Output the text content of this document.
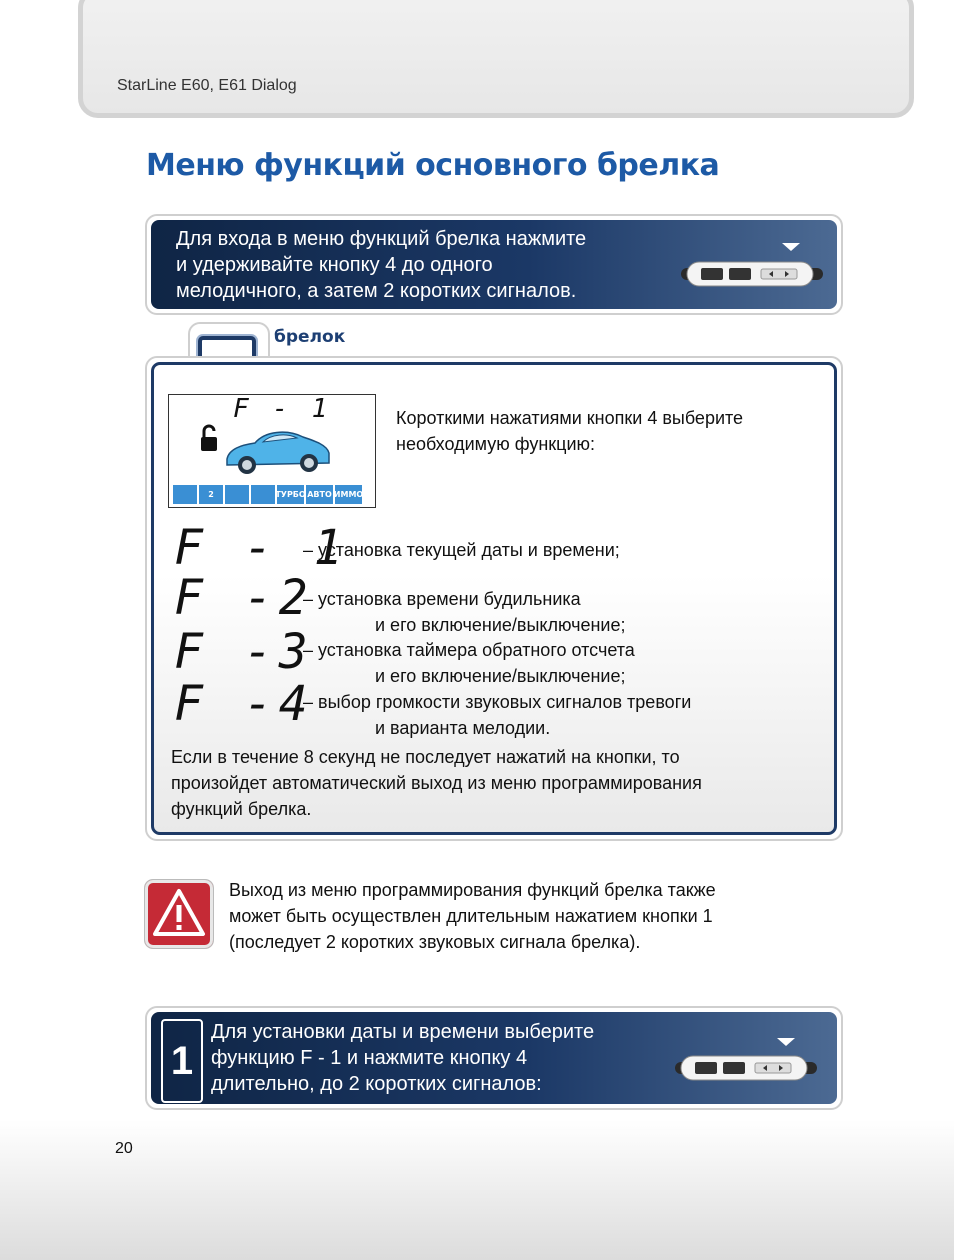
StarLine E60, E61 Dialog
Меню функций основного брелка
Для входа в меню функций брелка нажмите
и удерживайте кнопку 4 до одного
мелодичного, а затем 2 коротких сигналов.
брелок
F - 1
2	ТУРБО АВТО ИММО
Короткими нажатиями кнопки 4 выберите
необходимую функцию:
F - 1
– установка текущей даты и времени;
F -2
– установка времени будильника
и его включение/выключение;
F -3
– установка таймера обратного отсчета
и его включение/выключение;
F -4
– выбор громкости звуковых сигналов тревоги
и варианта мелодии.
Если в течение 8 секунд не последует нажатий на кнопки, то
произойдет автоматический выход из меню программирования
функций брелка.
Выход из меню программирования функций брелка также
может быть осуществлен длительным нажатием кнопки 1
(последует 2 коротких звуковых сигнала брелка).
1
Для установки даты и времени выберите
функцию F - 1 и нажмите кнопку 4
длительно, до 2 коротких сигналов:
20
